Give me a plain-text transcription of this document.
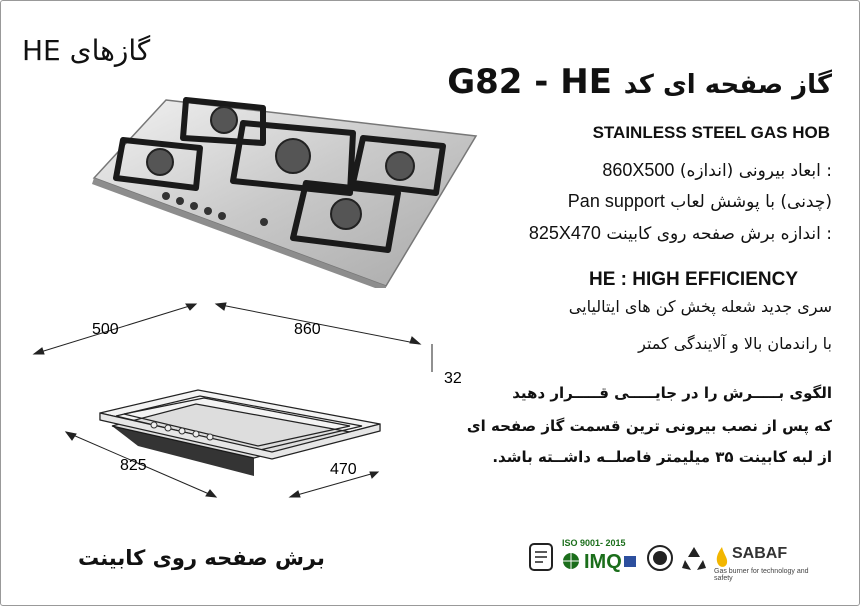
گازهای HE
گاز صفحه ای کد G82 - HE
STAINLESS STEEL GAS HOB
: ابعاد بیرونی (اندازه) 860X500
(چدنی) با پوشش لعاب Pan support
: اندازه برش صفحه روی کابینت 825X470
HE : HIGH EFFICIENCY
سری جدید شعله پخش کن های ایتالیایی
با راندمان بالا و آلایندگی کمتر
الگوی بـــــرش را در جایـــــی قـــــرار دهید
که پس از نصب بیرونی ترین قسمت گاز صفحه ای
از لبه کابینت ۳۵ میلیمتر فاصلــه داشــته باشد.
برش صفحه روی کابینت
500	860
32
825	470
ISO 9001- 2015
IMQ	SABAF
Gas burner for technology and safety
